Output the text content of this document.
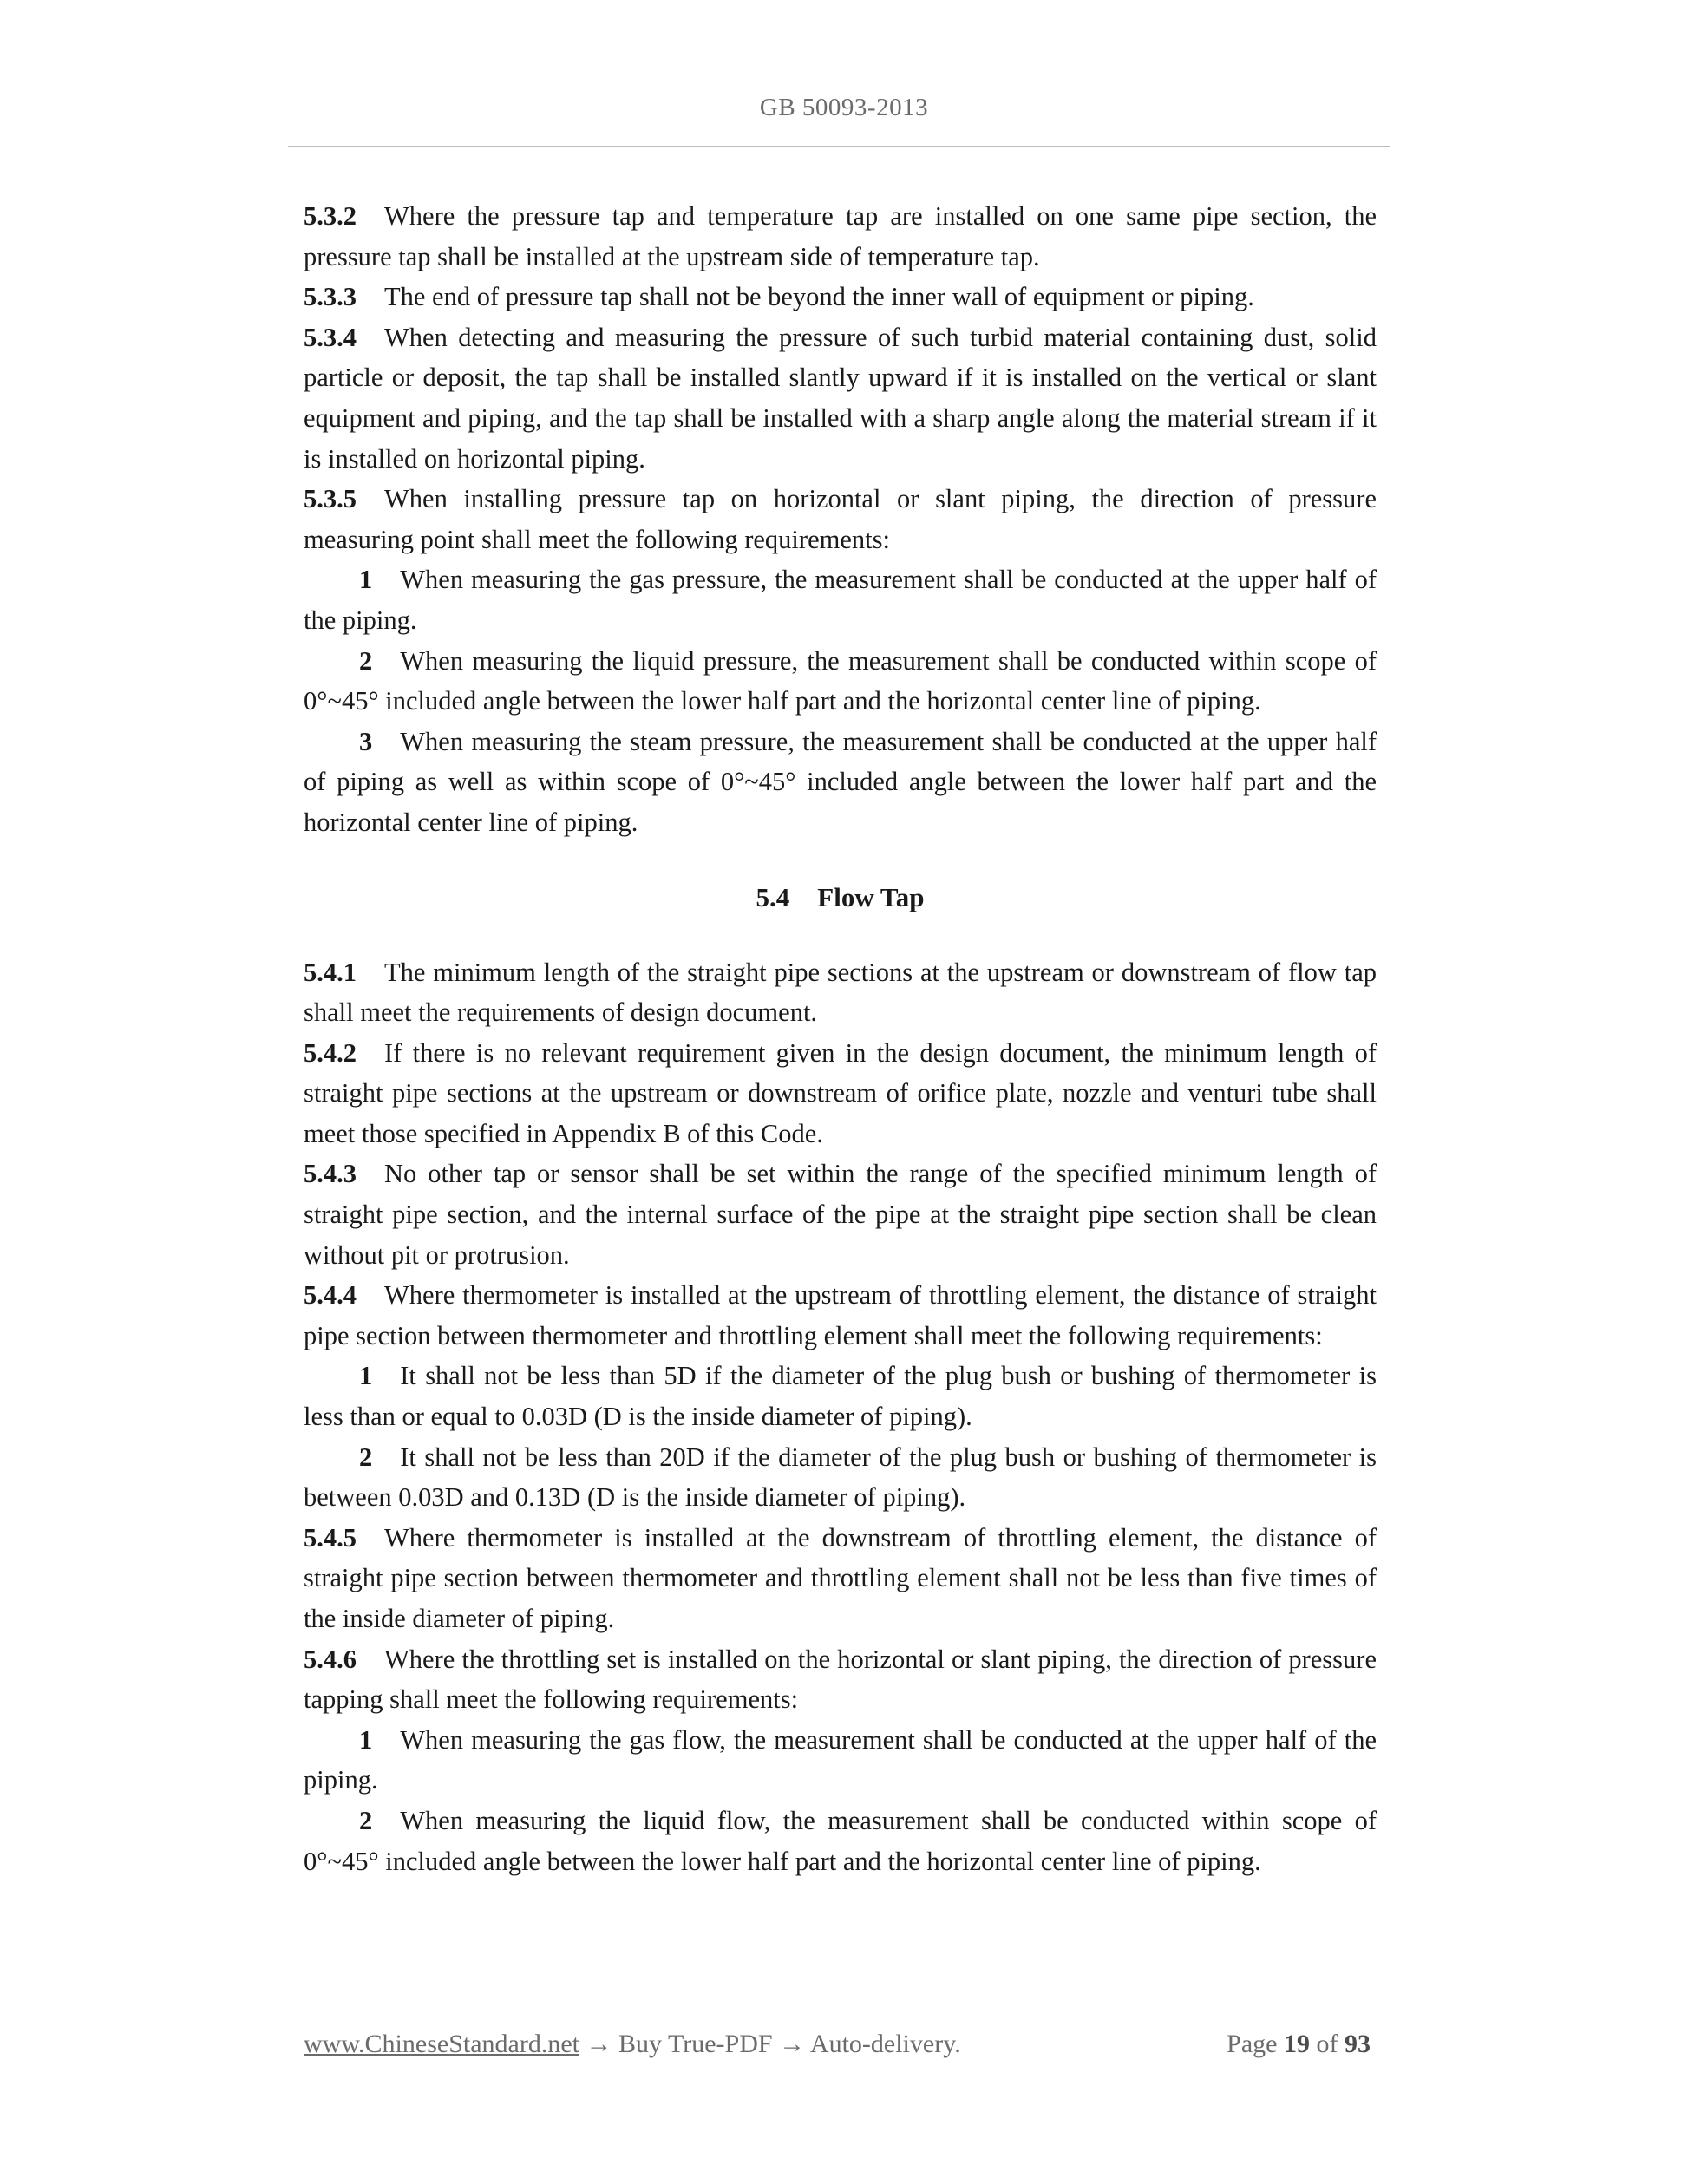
GB 50093-2013

5.3.2 Where the pressure tap and temperature tap are installed on one same pipe section, the pressure tap shall be installed at the upstream side of temperature tap.

5.3.3 The end of pressure tap shall not be beyond the inner wall of equipment or piping.

5.3.4 When detecting and measuring the pressure of such turbid material containing dust, solid particle or deposit, the tap shall be installed slantly upward if it is installed on the vertical or slant equipment and piping, and the tap shall be installed with a sharp angle along the material stream if it is installed on horizontal piping.

5.3.5 When installing pressure tap on horizontal or slant piping, the direction of pressure measuring point shall meet the following requirements:

1 When measuring the gas pressure, the measurement shall be conducted at the upper half of the piping.

2 When measuring the liquid pressure, the measurement shall be conducted within scope of 0°~45° included angle between the lower half part and the horizontal center line of piping.

3 When measuring the steam pressure, the measurement shall be conducted at the upper half of piping as well as within scope of 0°~45° included angle between the lower half part and the horizontal center line of piping.

5.4 Flow Tap

5.4.1 The minimum length of the straight pipe sections at the upstream or downstream of flow tap shall meet the requirements of design document.

5.4.2 If there is no relevant requirement given in the design document, the minimum length of straight pipe sections at the upstream or downstream of orifice plate, nozzle and venturi tube shall meet those specified in Appendix B of this Code.

5.4.3 No other tap or sensor shall be set within the range of the specified minimum length of straight pipe section, and the internal surface of the pipe at the straight pipe section shall be clean without pit or protrusion.

5.4.4 Where thermometer is installed at the upstream of throttling element, the distance of straight pipe section between thermometer and throttling element shall meet the following requirements:

1 It shall not be less than 5D if the diameter of the plug bush or bushing of thermometer is less than or equal to 0.03D (D is the inside diameter of piping).

2 It shall not be less than 20D if the diameter of the plug bush or bushing of thermometer is between 0.03D and 0.13D (D is the inside diameter of piping).

5.4.5 Where thermometer is installed at the downstream of throttling element, the distance of straight pipe section between thermometer and throttling element shall not be less than five times of the inside diameter of piping.

5.4.6 Where the throttling set is installed on the horizontal or slant piping, the direction of pressure tapping shall meet the following requirements:

1 When measuring the gas flow, the measurement shall be conducted at the upper half of the piping.

2 When measuring the liquid flow, the measurement shall be conducted within scope of 0°~45° included angle between the lower half part and the horizontal center line of piping.

www.ChineseStandard.net → Buy True-PDF → Auto-delivery.	Page 19 of 93
